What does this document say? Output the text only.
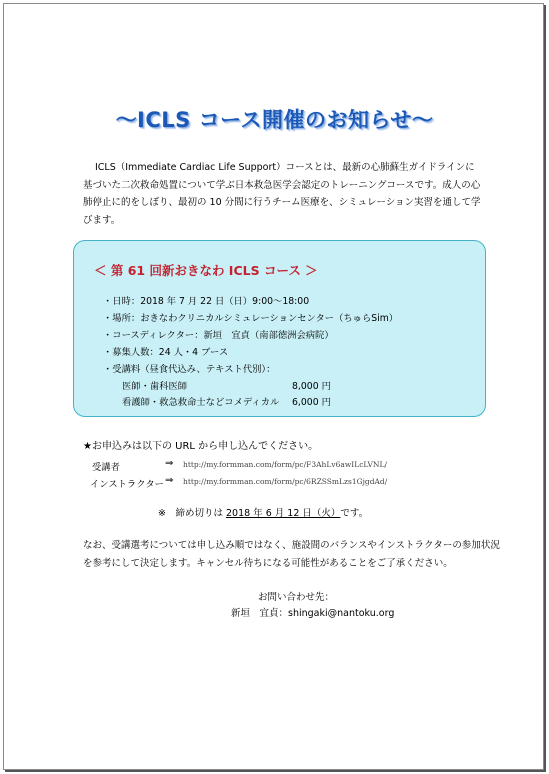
～ICLS コース開催のお知らせ～
ICLS（Immediate Cardiac Life Support）コースとは、最新の心肺蘇生ガイドラインに基づいた二次救命処置について学ぶ日本救急医学会認定のトレーニングコースです。成人の心肺停止に的をしぼり、最初の 10 分間に行うチーム医療を、シミュレーション実習を通して学びます。
＜ 第 61 回新おきなわ ICLS コース ＞
・日時：2018 年 7 月 22 日（日）9:00～18:00
・場所：おきなわクリニカルシミュレーションセンター（ちゅらSim）
・コースディレクター：新垣　宜貞（南部徳洲会病院）
・募集人数：24 人・4 ブース
・受講料（昼食代込み、テキスト代別）：
医師・歯科医師	8,000 円
看護師・救急救命士などコメディカル 6,000 円
★お申込みは以下の URL から申し込んでください。
受講者	⇒ http://my.formman.com/form/pc/F3AhLv6awILcLVNL/
インストラクター ⇒ http://my.formman.com/form/pc/6RZSSmLzs1GjgdAd/
※　締め切りは 2018 年 6 月 12 日（火）です。
なお、受講選考については申し込み順ではなく、施設間のバランスやインストラクターの参加状況を参考にして決定します。キャンセル待ちになる可能性があることをご了承ください。
お問い合わせ先：
新垣　宜貞：shingaki@nantoku.org
